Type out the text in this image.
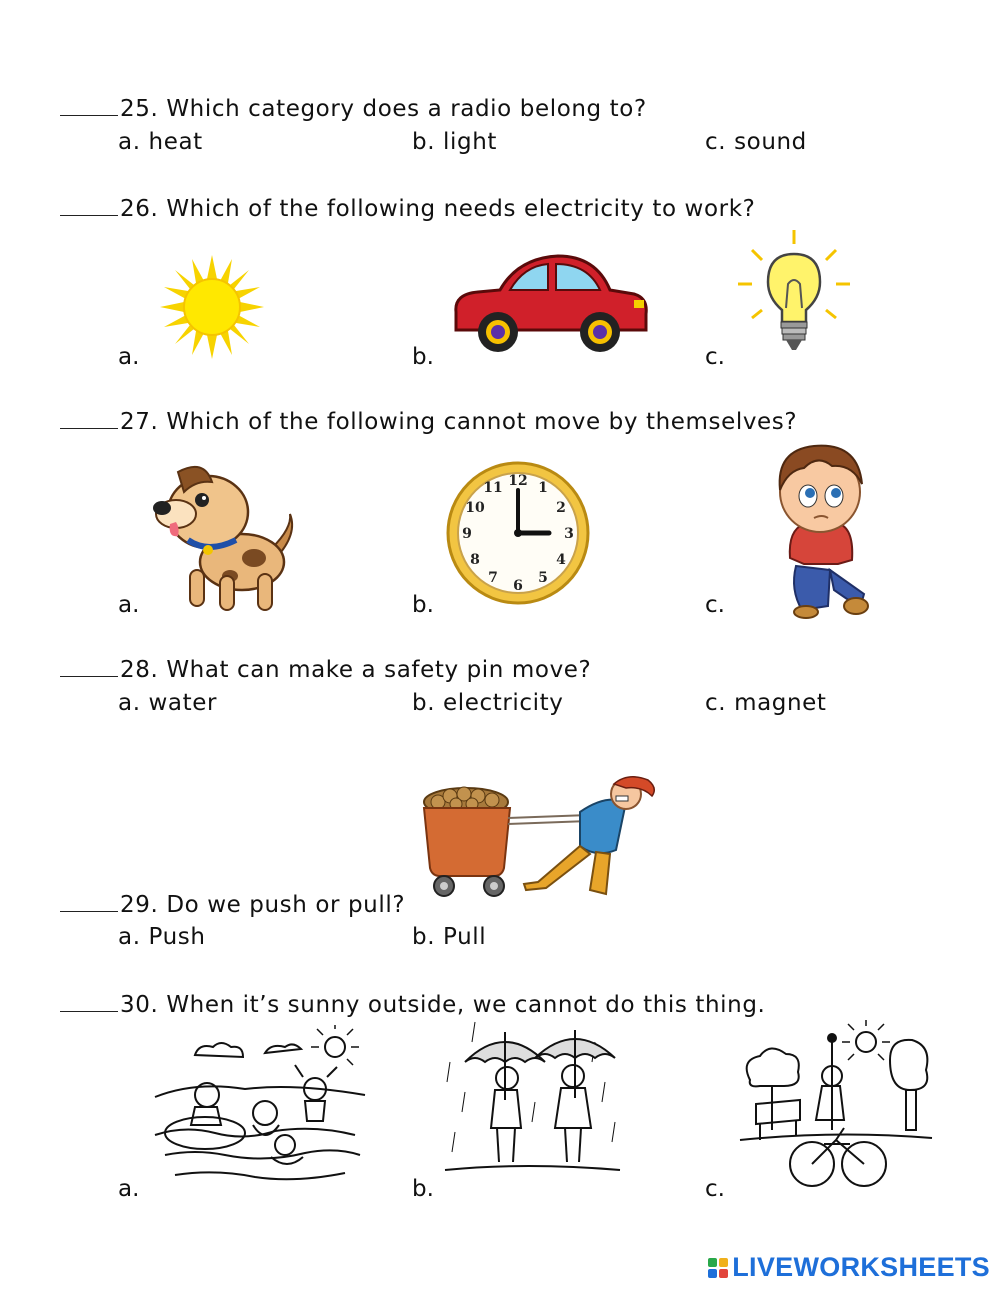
25. Which category does a radio belong to?
a. heat	b. light	c. sound
26. Which of the following needs electricity to work?
a.	b.	c.
27. Which of the following cannot move by themselves?
a.	b.	c.
12 1
2
3
4
5
6
7
8
9
10
11
28. What can make a safety pin move?
a. water	b. electricity	c. magnet
29. Do we push or pull?
a. Push	b. Pull
30. When it’s sunny outside, we cannot do this thing.
a.	b.	c.
LIVEWORKSHEETS
